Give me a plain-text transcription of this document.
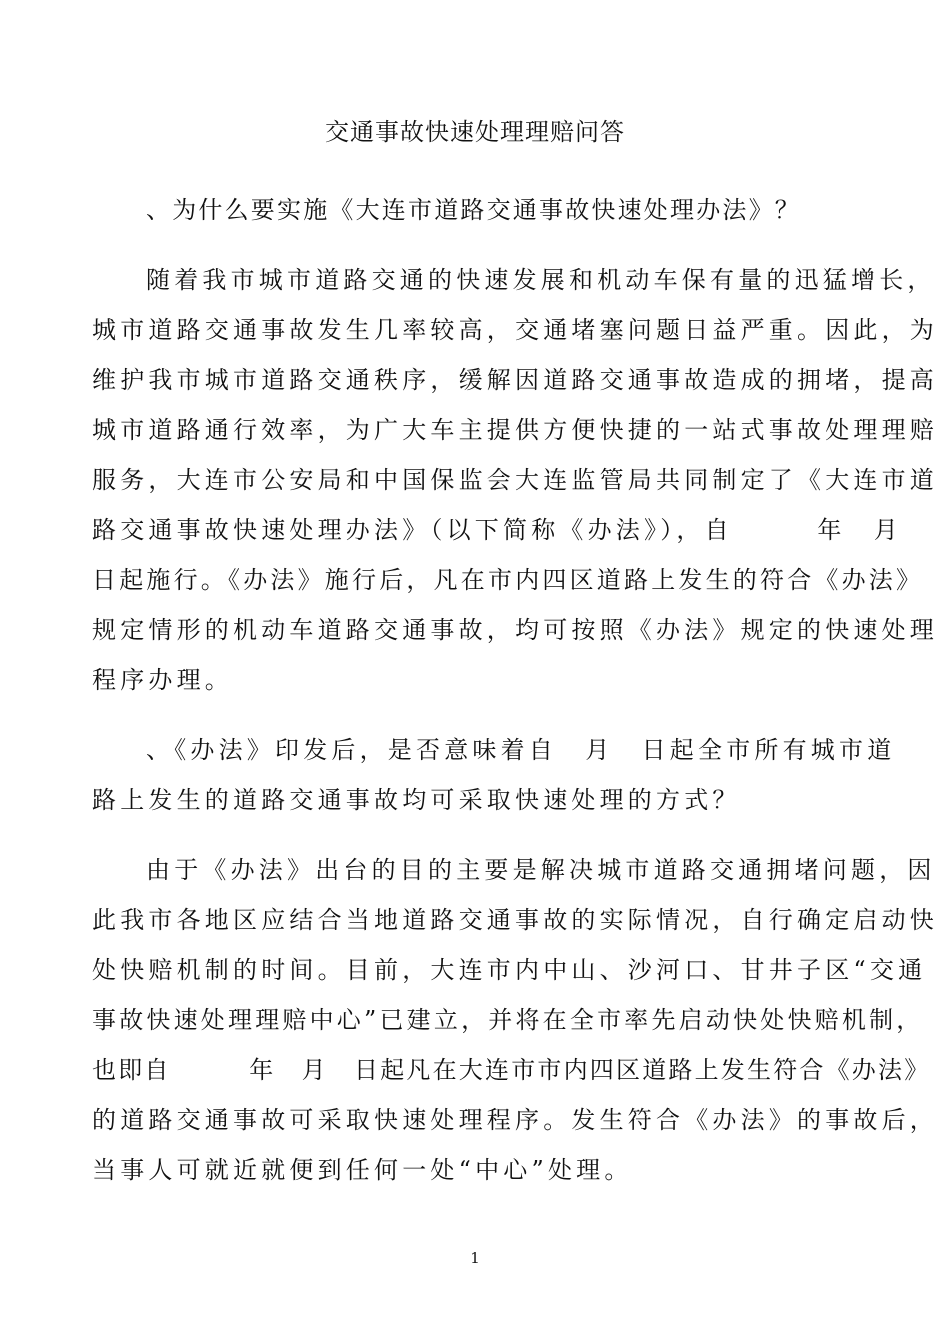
交通事故快速处理理赔问答
、为什么要实施《大连市道路交通事故快速处理办法》？
随着我市城市道路交通的快速发展和机动车保有量的迅猛增长，
城市道路交通事故发生几率较高，交通堵塞问题日益严重。因此，为
维护我市城市道路交通秩序，缓解因道路交通事故造成的拥堵，提高
城市道路通行效率，为广大车主提供方便快捷的一站式事故处理理赔
服务，大连市公安局和中国保监会大连监管局共同制定了《大连市道
路交通事故快速处理办法》（以下简称《办法》），自　　　年　月
日起施行。《办法》施行后，凡在市内四区道路上发生的符合《办法》
规定情形的机动车道路交通事故，均可按照《办法》规定的快速处理
程序办理。
、《办法》印发后，是否意味着自　月　日起全市所有城市道
路上发生的道路交通事故均可采取快速处理的方式？
由于《办法》出台的目的主要是解决城市道路交通拥堵问题，因
此我市各地区应结合当地道路交通事故的实际情况，自行确定启动快
处快赔机制的时间。目前，大连市内中山、沙河口、甘井子区“交通
事故快速处理理赔中心”已建立，并将在全市率先启动快处快赔机制，
也即自　　　年　月　日起凡在大连市市内四区道路上发生符合《办法》
的道路交通事故可采取快速处理程序。发生符合《办法》的事故后，
当事人可就近就便到任何一处“中心”处理。
1
